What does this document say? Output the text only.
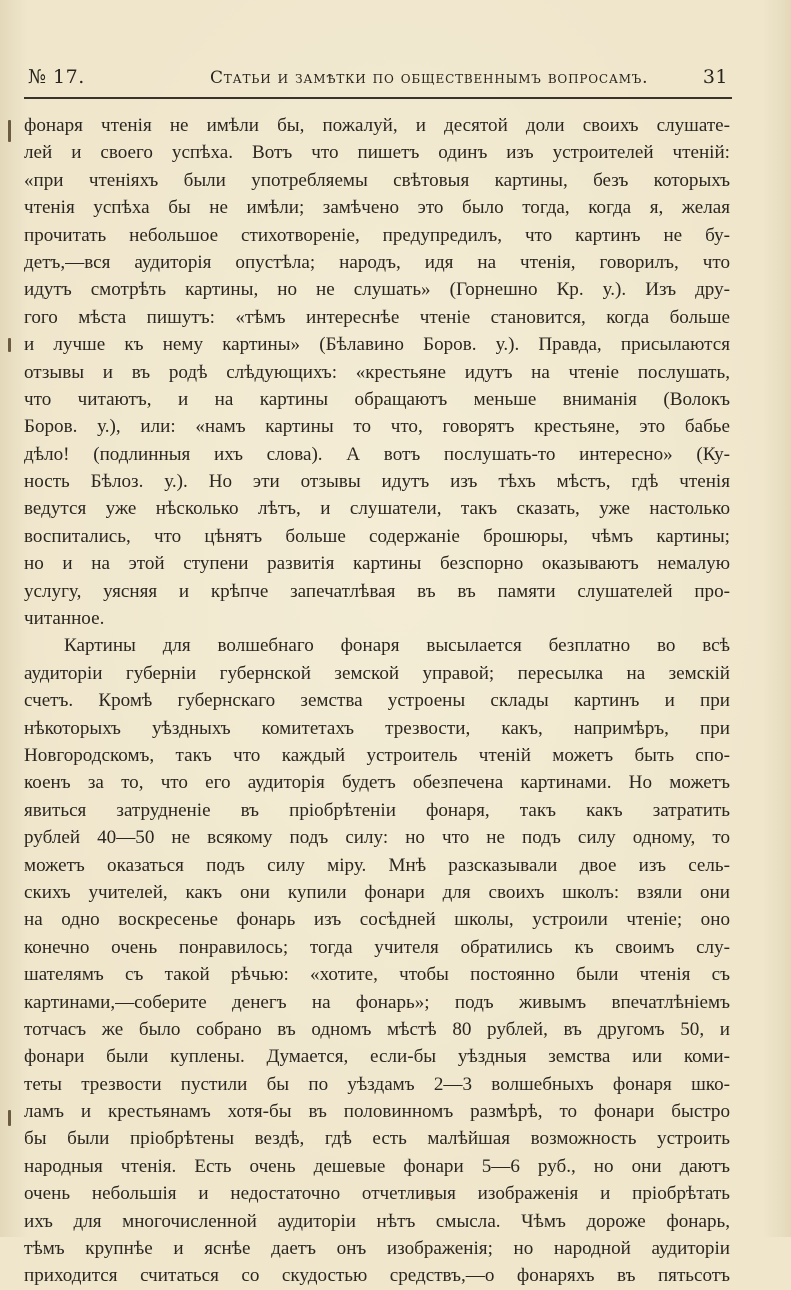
№ 17.	Статьи и замѣтки по общественнымъ вопросамъ.	31
фонаря чтенія не имѣли бы, пожалуй, и десятой доли своихъ слушате-
лей и своего успѣха. Вотъ что пишетъ одинъ изъ устроителей чтеній:
«при чтеніяхъ были употребляемы свѣтовыя картины, безъ которыхъ
чтенія успѣха бы не имѣли; замѣчено это было тогда, когда я, желая
прочитать небольшое стихотвореніе, предупредилъ, что картинъ не бу-
детъ,—вся аудиторія опустѣла; народъ, идя на чтенія, говорилъ, что
идутъ смотрѣть картины, но не слушать» (Горнешно Кр. у.). Изъ дру-
гого мѣста пишутъ: «тѣмъ интереснѣе чтеніе становится, когда больше
и лучше къ нему картины» (Бѣлавино Боров. у.). Правда, присылаются
отзывы и въ родѣ слѣдующихъ: «крестьяне идутъ на чтеніе послушать,
что читаютъ, и на картины обращаютъ меньше вниманія (Волокъ
Боров. у.), или: «намъ картины то что, говорятъ крестьяне, это бабье
дѣло! (подлинныя ихъ слова). А вотъ послушать-то интересно» (Ку-
ность Бѣлоз. у.). Но эти отзывы идутъ изъ тѣхъ мѣстъ, гдѣ чтенія
ведутся уже нѣсколько лѣтъ, и слушатели, такъ сказать, уже настолько
воспитались, что цѣнятъ больше содержаніе брошюры, чѣмъ картины;
но и на этой ступени развитія картины безспорно оказываютъ немалую
услугу, уясняя и крѣпче запечатлѣвая въ въ памяти слушателей про-
читанное.
Картины для волшебнаго фонаря высылается безплатно во всѣ
аудиторіи губерніи губернской земской управой; пересылка на земскій
счетъ. Кромѣ губернскаго земства устроены склады картинъ и при
нѣкоторыхъ уѣздныхъ комитетахъ трезвости, какъ, напримѣръ, при
Новгородскомъ, такъ что каждый устроитель чтеній можетъ быть спо-
коенъ за то, что его аудиторія будетъ обезпечена картинами. Но можетъ
явиться затрудненіе въ пріобрѣтеніи фонаря, такъ какъ затратить
рублей 40—50 не всякому подъ силу: но что не подъ силу одному, то
можетъ оказаться подъ силу міру. Мнѣ разсказывали двое изъ сель-
скихъ учителей, какъ они купили фонари для своихъ школъ: взяли они
на одно воскресенье фонарь изъ сосѣдней школы, устроили чтеніе; оно
конечно очень понравилось; тогда учителя обратились къ своимъ слу-
шателямъ съ такой рѣчью: «хотите, чтобы постоянно были чтенія съ
картинами,—соберите денегъ на фонарь»; подъ живымъ впечатлѣніемъ
тотчасъ же было собрано въ одномъ мѣстѣ 80 рублей, въ другомъ 50, и
фонари были куплены. Думается, если-бы уѣздныя земства или коми-
теты трезвости пустили бы по уѣздамъ 2—3 волшебныхъ фонаря шко-
ламъ и крестьянамъ хотя-бы въ половинномъ размѣрѣ, то фонари быстро
бы были пріобрѣтены вездѣ, гдѣ есть малѣйшая возможность устроить
народныя чтенія. Есть очень дешевые фонари 5—6 руб., но они даютъ
очень небольшія и недостаточно отчетливыя изображенія и пріобрѣтать
ихъ для многочисленной аудиторіи нѣтъ смысла. Чѣмъ дороже фонарь,
тѣмъ крупнѣе и яснѣе даетъ онъ изображенія; но народной аудиторіи
приходится считаться со скудостью средствъ,—о фонаряхъ въ пятьсотъ
